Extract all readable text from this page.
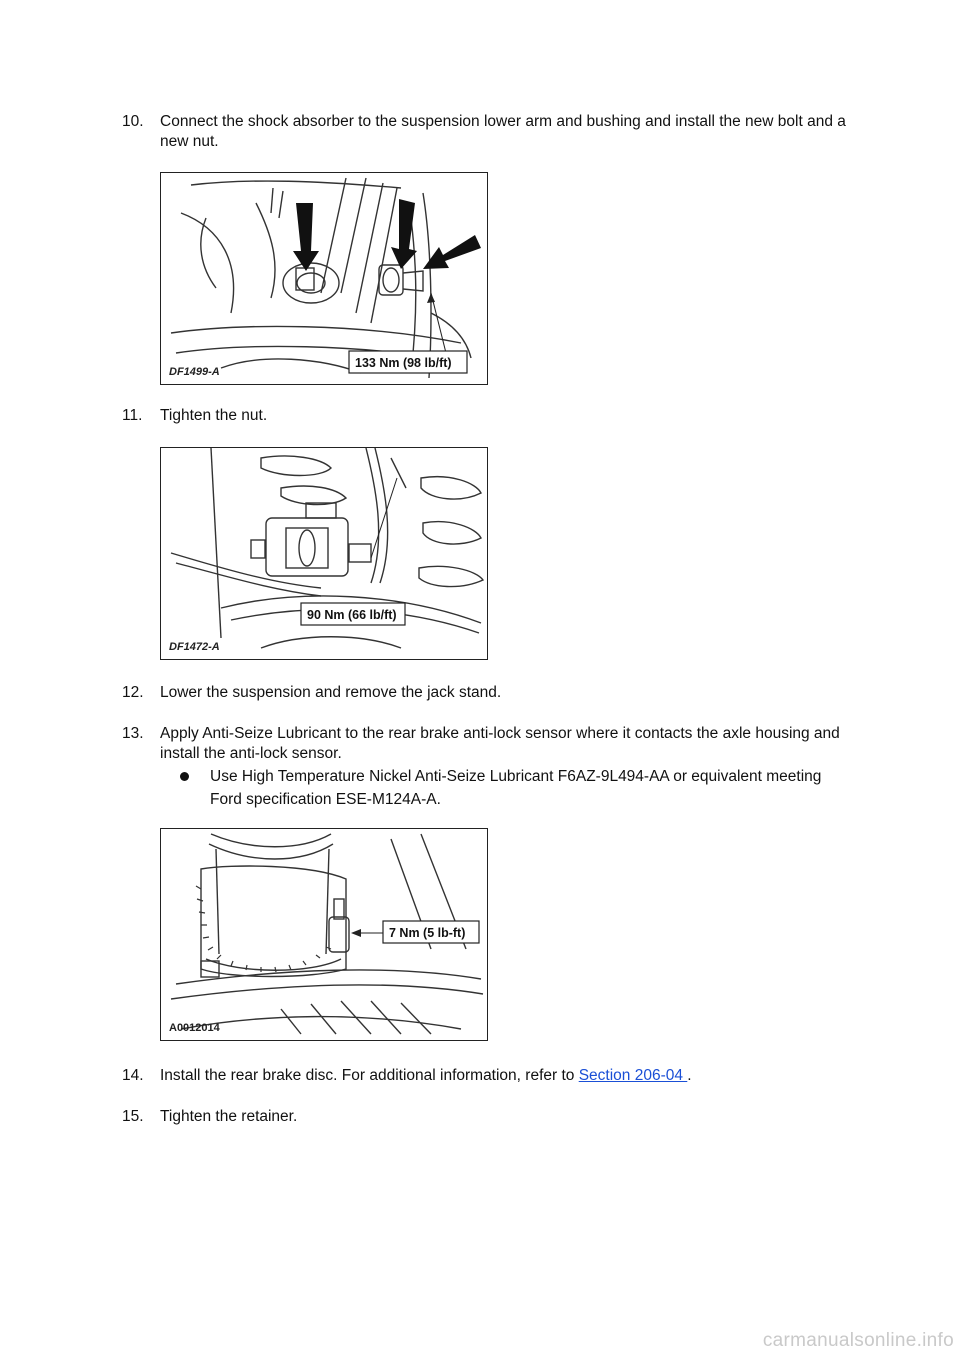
10.	Connect the shock absorber to the suspension lower arm and bushing and install the new bolt and a new nut.
133 Nm (98 lb/ft)
DF1499-A
11.	Tighten the nut.
90 Nm (66 lb/ft)
DF1472-A
12.	Lower the suspension and remove the jack stand.
13.	Apply Anti-Seize Lubricant to the rear brake anti-lock sensor where it contacts the axle housing and install the anti-lock sensor.
Use High Temperature Nickel Anti-Seize Lubricant F6AZ-9L494-AA or equivalent meeting Ford specification ESE-M124A-A.
7 Nm (5 lb-ft)
A0012014
14.	Install the rear brake disc. For additional information, refer to Section 206-04 .
15.	Tighten the retainer.
carmanualsonline.info
